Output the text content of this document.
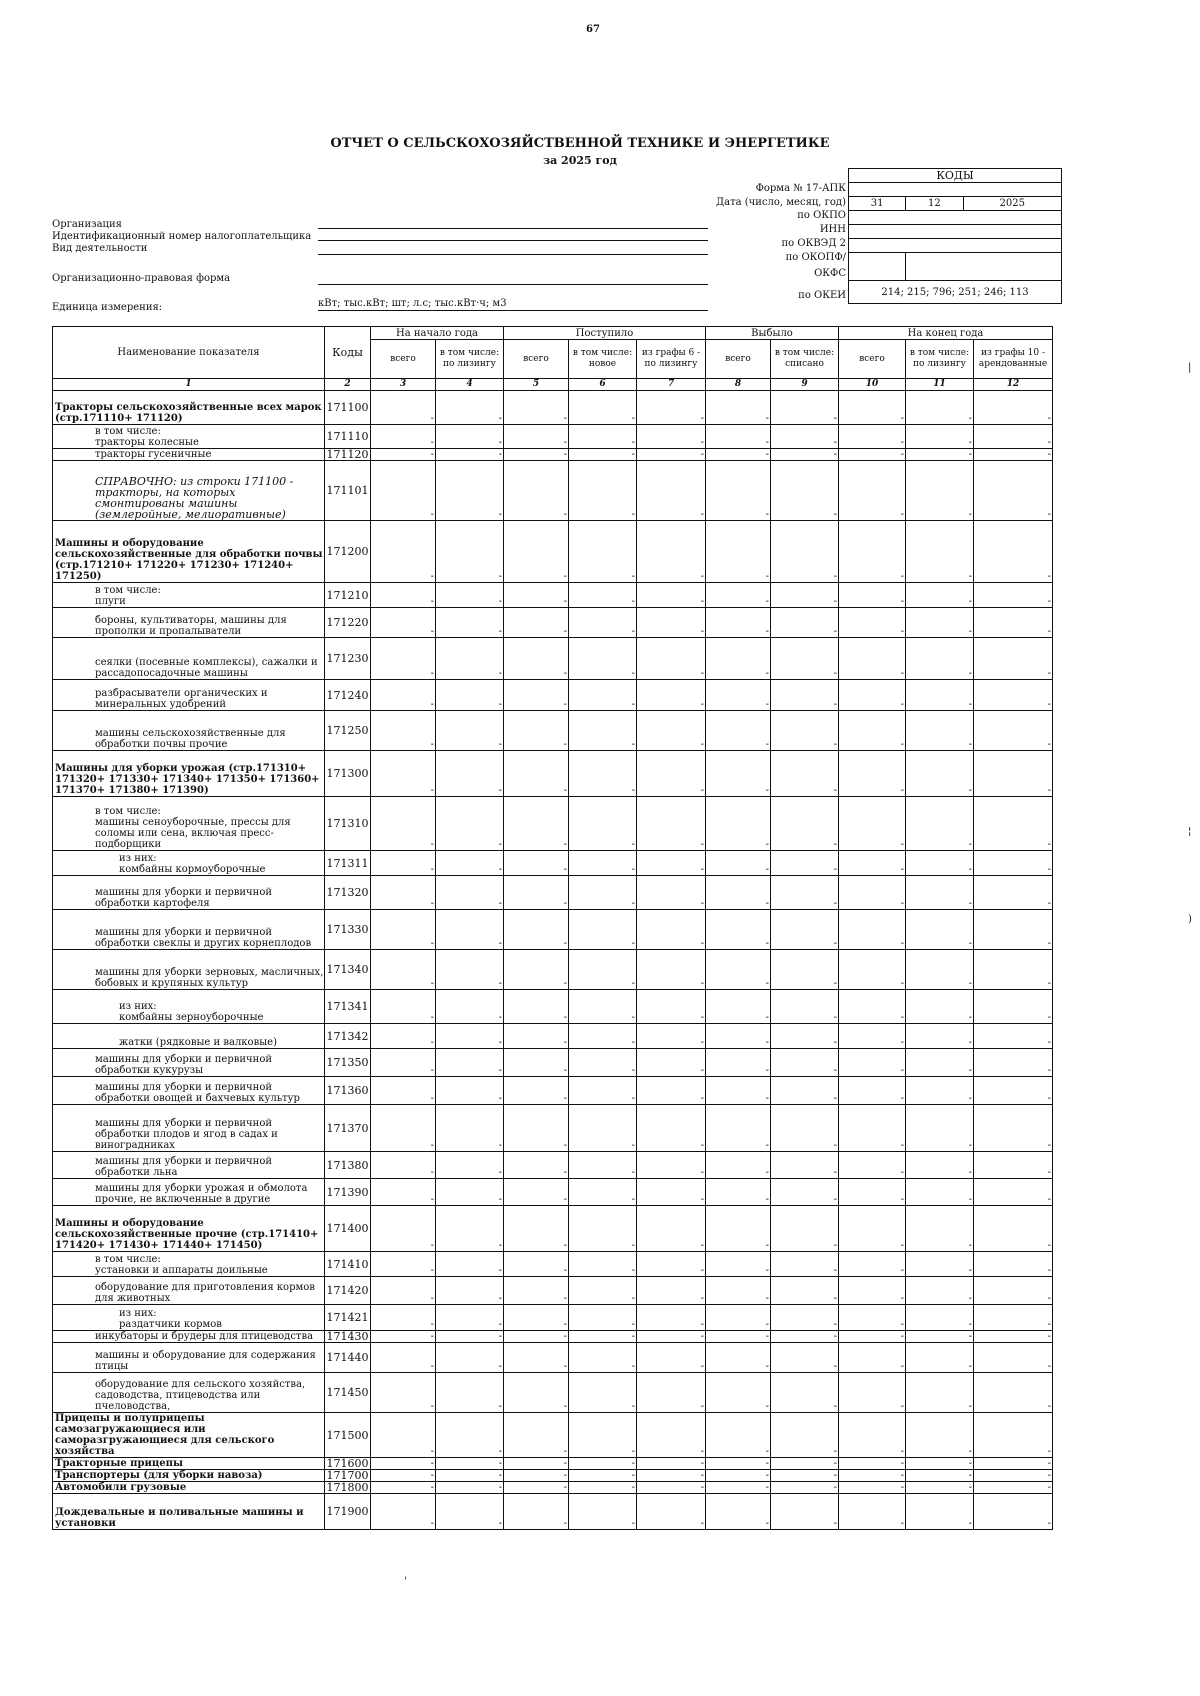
67
ОТЧЕТ О СЕЛЬСКОХОЗЯЙСТВЕННОЙ ТЕХНИКЕ И ЭНЕРГЕТИКЕ
за 2025 год
Организация
Идентификационный номер налогоплательщика
Вид деятельности
Организационно-правовая форма
Единица измерения:	кВт; тыс.кВт; шт; л.с; тыс.кВт·ч; м3
Форма № 17-АПК
Дата (число, месяц, год)
по ОКПО
ИНН
по ОКВЭД 2
по ОКОПФ/
ОКФС
по ОКЕИ
КОДЫ		

31	12	2025

214; 215; 796; 251; 246; 113		
Наименование показателя	Коды	На начало года		Поступило			Выбыло		На конец года		
		всего	в том числе: по лизингу	всего	в том числе: новое	из графы 6 - по лизингу	всего	в том числе: списано	всего	в том числе: по лизингу	из графы 10 - арендованные
1	2	3	4	5	6	7	8	9	10	11	12
Тракторы сельскохозяйственные всех марок (стр.171110+ 171120)	171100	-	-	-	-	-	-	-	-	-	-
в том числе:
тракторы колесные	171110	-	-	-	-	-	-	-	-	-	-
тракторы гусеничные	171120	-	-	-	-	-	-	-	-	-	-
СПРАВОЧНО: из строки 171100 - тракторы, на которых смонтированы машины (землеройные, мелиоративные)	171101	-	-	-	-	-	-	-	-	-	-
Машины и оборудование сельскохозяйственные для обработки почвы (стр.171210+ 171220+ 171230+ 171240+ 171250)	171200	-	-	-	-	-	-	-	-	-	-
в том числе:
плуги	171210	-	-	-	-	-	-	-	-	-	-
бороны, культиваторы, машины для прополки и пропалыватели	171220	-	-	-	-	-	-	-	-	-	-
сеялки (посевные комплексы), сажалки и рассадопосадочные машины	171230	-	-	-	-	-	-	-	-	-	-
разбрасыватели органических и минеральных удобрений	171240	-	-	-	-	-	-	-	-	-	-
машины сельскохозяйственные для обработки почвы прочие	171250	-	-	-	-	-	-	-	-	-	-
Машины для уборки урожая (стр.171310+ 171320+ 171330+ 171340+ 171350+ 171360+ 171370+ 171380+ 171390)	171300	-	-	-	-	-	-	-	-	-	-
в том числе:
машины сеноуборочные, прессы для соломы или сена, включая пресс-подборщики	171310	-	-	-	-	-	-	-	-	-	-
из них:
комбайны кормоуборочные	171311	-	-	-	-	-	-	-	-	-	-
машины для уборки и первичной обработки картофеля	171320	-	-	-	-	-	-	-	-	-	-
машины для уборки и первичной обработки свеклы и других корнеплодов	171330	-	-	-	-	-	-	-	-	-	-
машины для уборки зерновых, масличных, бобовых и крупяных культур	171340	-	-	-	-	-	-	-	-	-	-
из них:
комбайны зерноуборочные	171341	-	-	-	-	-	-	-	-	-	-
жатки (рядковые и валковые)	171342	-	-	-	-	-	-	-	-	-	-
машины для уборки и первичной обработки кукурузы	171350	-	-	-	-	-	-	-	-	-	-
машины для уборки и первичной обработки овощей и бахчевых культур	171360	-	-	-	-	-	-	-	-	-	-
машины для уборки и первичной обработки плодов и ягод в садах и виноградниках	171370	-	-	-	-	-	-	-	-	-	-
машины для уборки и первичной обработки льна	171380	-	-	-	-	-	-	-	-	-	-
машины для уборки урожая и обмолота прочие, не включенные в другие	171390	-	-	-	-	-	-	-	-	-	-
Машины и оборудование сельскохозяйственные прочие (стр.171410+ 171420+ 171430+ 171440+ 171450)	171400	-	-	-	-	-	-	-	-	-	-
в том числе:
установки и аппараты доильные	171410	-	-	-	-	-	-	-	-	-	-
оборудование для приготовления кормов для животных	171420	-	-	-	-	-	-	-	-	-	-
из них:
раздатчики кормов	171421	-	-	-	-	-	-	-	-	-	-
инкубаторы и брудеры для птицеводства	171430	-	-	-	-	-	-	-	-	-	-
машины и оборудование для содержания птицы	171440	-	-	-	-	-	-	-	-	-	-
оборудование для сельского хозяйства, садоводства, птицеводства или пчеловодства,	171450	-	-	-	-	-	-	-	-	-	-
Прицепы и полуприцепы самозагружающиеся или саморазгружающиеся для сельского хозяйства	171500	-	-	-	-	-	-	-	-	-	-
Тракторные прицепы	171600	-	-	-	-	-	-	-	-	-	-
Транспортеры (для уборки навоза)	171700	-	-	-	-	-	-	-	-	-	-
Автомобили грузовые	171800	-	-	-	-	-	-	-	-	-	-
Дождевальные и поливальные машины и установки	171900	-	-	-	-	-	-	-	-	-	-
|
¦
)
'
